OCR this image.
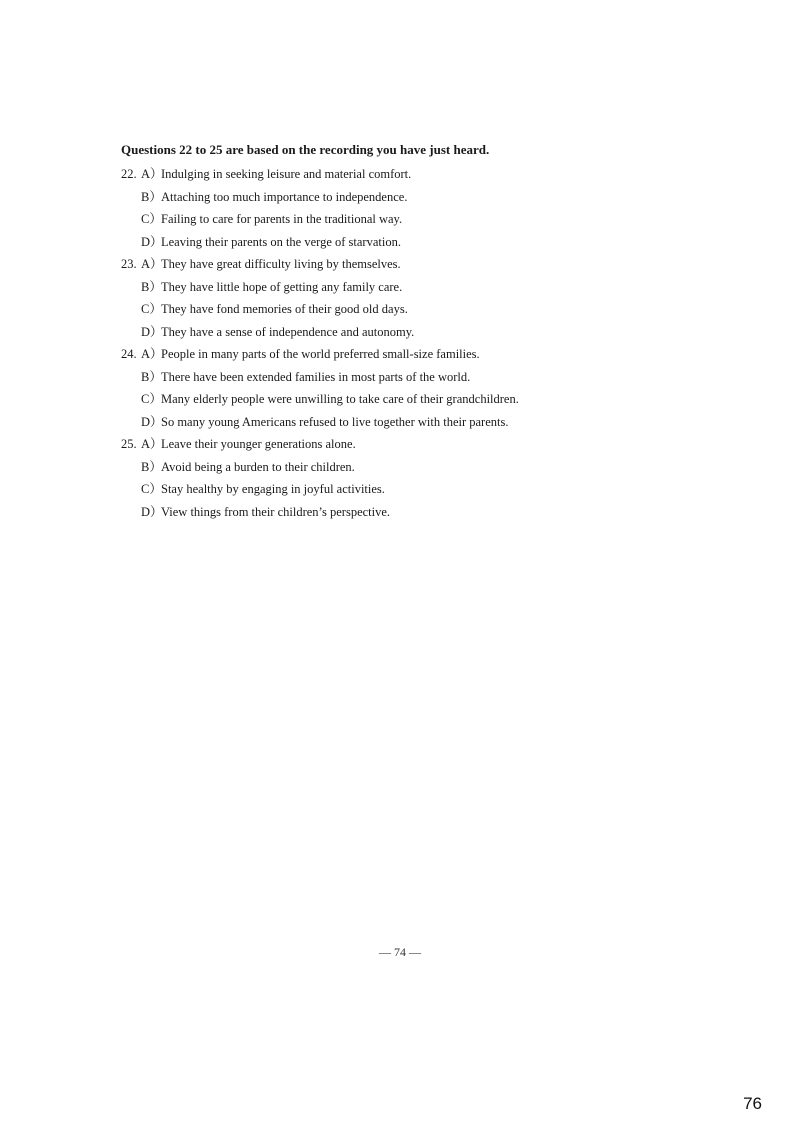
Questions 22 to 25 are based on the recording you have just heard.
22. A）
Indulging in seeking leisure and material comfort.
B） Attaching too much importance to independence.
C） Failing to care for parents in the traditional way.
D）
Leaving their parents on the verge of starvation.
23. A）
They have great difficulty living by themselves.
B） They have little hope of getting any family care.
C） They have fond memories of their good old days.
D）
They have a sense of independence and autonomy.
24. A）
People in many parts of the world preferred small-size families.
B） There have been extended families in most parts of the world.
C） Many elderly people were unwilling to take care of their grandchildren.
D）
So many young Americans refused to live together with their parents.
25. A）
Leave their younger generations alone.
B） Avoid being a burden to their children.
C） Stay healthy by engaging in joyful activities.
D）
View things from their children’s perspective.
— 74 —
76
